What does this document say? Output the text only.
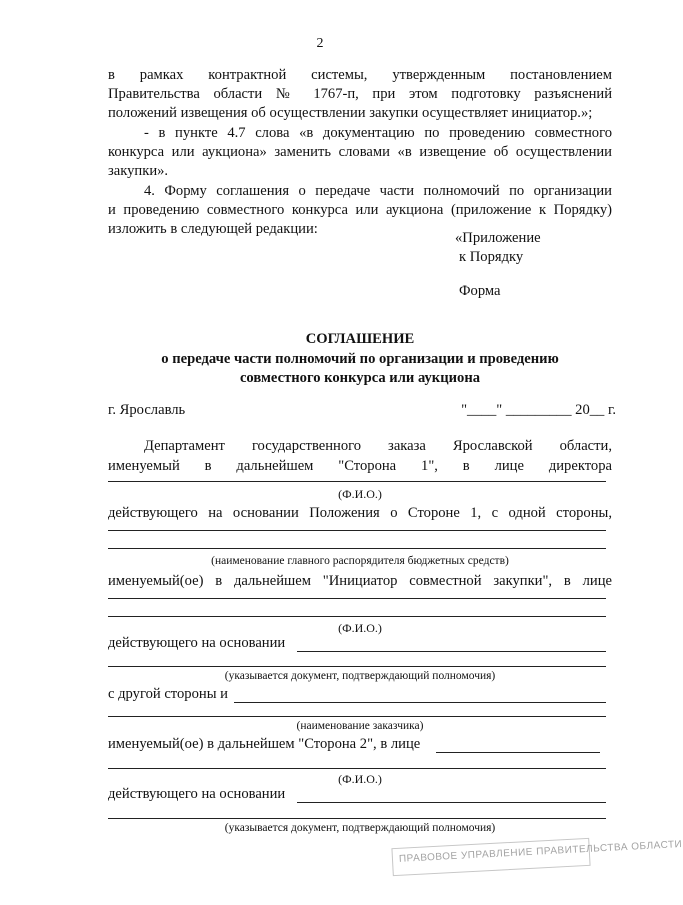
2
в рамках контрактной системы, утвержденным постановлением
Правительства области № 1767-п, при этом подготовку разъяснений
положений извещения об осуществлении закупки осуществляет инициатор.»;
- в пункте 4.7 слова «в документацию по проведению совместного
конкурса или аукциона» заменить словами «в извещение об осуществлении
закупки».
4. Форму соглашения о передаче части полномочий по организации
и проведению совместного конкурса или аукциона (приложение к Порядку)
изложить в следующей редакции:
«Приложение
к Порядку
Форма
СОГЛАШЕНИЕ
о передаче части полномочий по организации и проведению
совместного конкурса или аукциона
г. Ярославль	"____" _________ 20__ г.
Департамент государственного заказа Ярославской области,
именуемый в дальнейшем "Сторона 1", в лице директора
(Ф.И.О.)
действующего на основании Положения о Стороне 1, с одной стороны,
(наименование главного распорядителя бюджетных средств)
именуемый(ое) в дальнейшем "Инициатор совместной закупки", в лице
(Ф.И.О.)
действующего на основании
(указывается документ, подтверждающий полномочия)
с другой стороны и
(наименование заказчика)
именуемый(ое) в дальнейшем "Сторона 2", в лице
(Ф.И.О.)
действующего на основании
(указывается документ, подтверждающий полномочия)
ПРАВОВОЕ УПРАВЛЕНИЕ ПРАВИТЕЛЬСТВА ОБЛАСТИ
